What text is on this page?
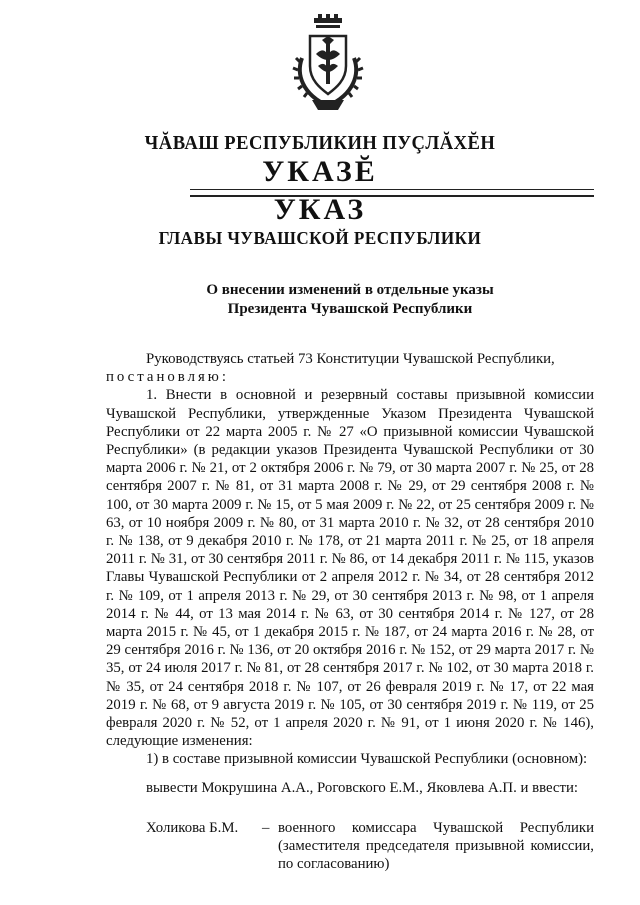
ЧĂВАШ РЕСПУБЛИКИН ПУÇЛĂХĔН
УКАЗĔ
УКАЗ
ГЛАВЫ ЧУВАШСКОЙ РЕСПУБЛИКИ
О внесении изменений в отдельные указы
Президента Чувашской Республики

Руководствуясь статьей 73 Конституции Чувашской Республики,

постановляю:

1. Внести в основной и резервный составы призывной комиссии Чувашской Республики, утвержденные Указом Президента Чувашской Республики от 22 марта 2005 г. № 27 «О призывной комиссии Чувашской Республики» (в редакции указов Президента Чувашской Республики от 30 марта 2006 г. № 21, от 2 октября 2006 г. № 79, от 30 марта 2007 г. № 25, от 28 сентября 2007 г. № 81, от 31 марта 2008 г. № 29, от 29 сентября 2008 г. № 100, от 30 марта 2009 г. № 15, от 5 мая 2009 г. № 22, от 25 сентября 2009 г. № 63, от 10 ноября 2009 г. № 80, от 31 марта 2010 г. № 32, от 28 сентября 2010 г. № 138, от 9 декабря 2010 г. № 178, от 21 марта 2011 г. № 25, от 18 апреля 2011 г. № 31, от 30 сентября 2011 г. № 86, от 14 декабря 2011 г. № 115, указов Главы Чувашской Республики от 2 апреля 2012 г. № 34, от 28 сентября 2012 г. № 109, от 1 апреля 2013 г. № 29, от 30 сентября 2013 г. № 98, от 1 апреля 2014 г. № 44, от 13 мая 2014 г. № 63, от 30 сентября 2014 г. № 127, от 28 марта 2015 г. № 45, от 1 декабря 2015 г. № 187, от 24 марта 2016 г. № 28, от 29 сентября 2016 г. № 136, от 20 октября 2016 г. № 152, от 29 марта 2017 г. № 35, от 24 июля 2017 г. № 81, от 28 сентября 2017 г. № 102, от 30 марта 2018 г. № 35, от 24 сентября 2018 г. № 107, от 26 февраля 2019 г. № 17, от 22 мая 2019 г. № 68, от 9 августа 2019 г. № 105, от 30 сентября 2019 г. № 119, от 25 февраля 2020 г. № 52, от 1 апреля 2020 г. № 91, от 1 июня 2020 г. № 146), следующие изменения:

1) в составе призывной комиссии Чувашской Республики (основном):

вывести Мокрушина А.А., Роговского Е.М., Яковлева А.П. и ввести:

Холикова Б.М.	– военного комиссара Чувашской Республики (заместителя председателя призывной комиссии, по согласованию)
